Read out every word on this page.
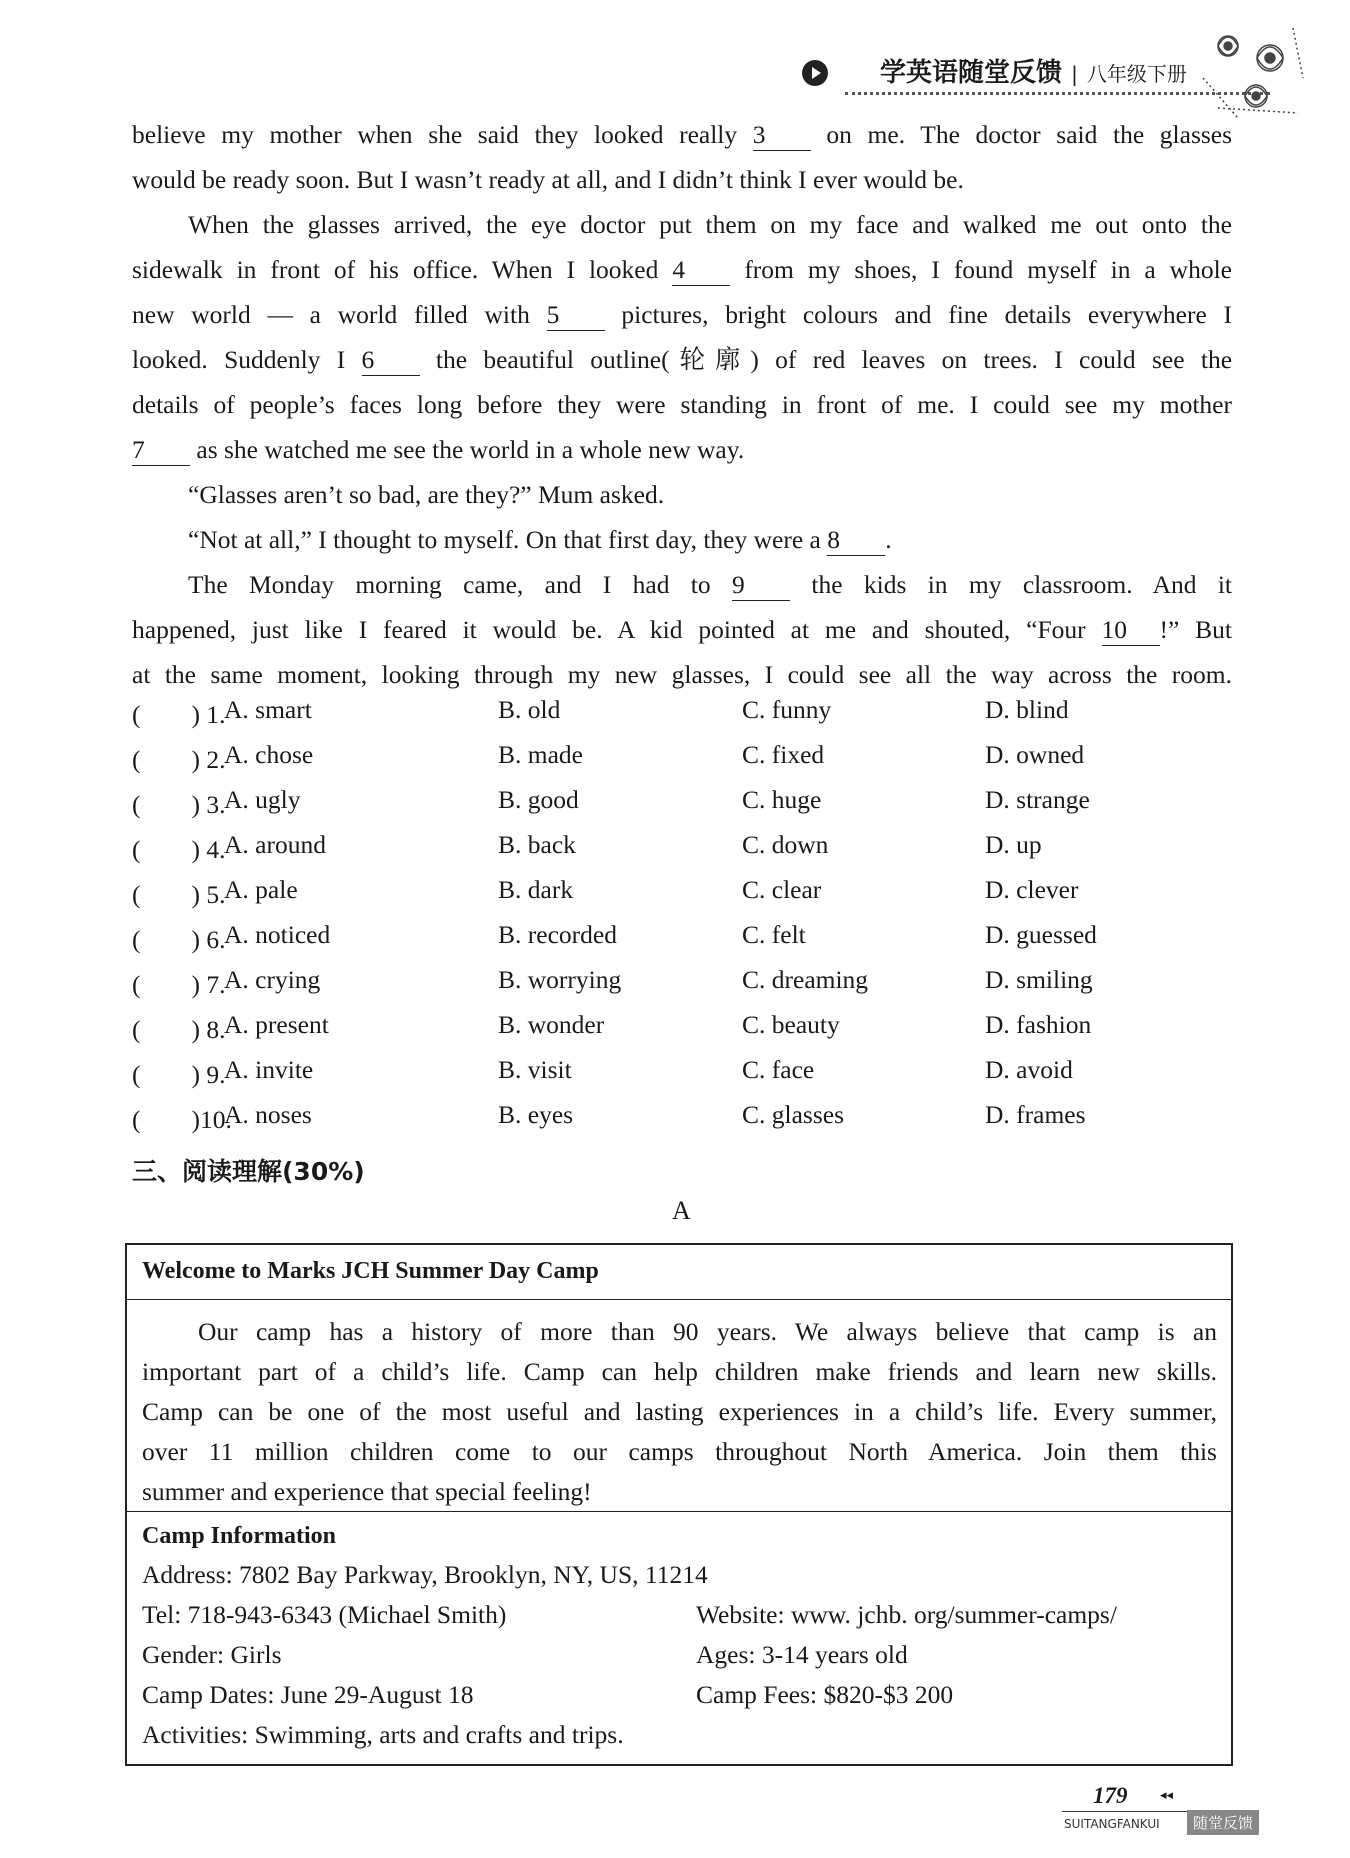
学英语随堂反馈 | 八年级下册
believe my mother when she said they looked really 3 on me. The doctor said the glasses
would be ready soon. But I wasn’t ready at all, and I didn’t think I ever would be.
When the glasses arrived, the eye doctor put them on my face and walked me out onto the
sidewalk in front of his office. When I looked 4 from my shoes, I found myself in a whole
new world — a world filled with 5 pictures, bright colours and fine details everywhere I
looked. Suddenly I 6 the beautiful outline(轮廓) of red leaves on trees. I could see the
details of people’s faces long before they were standing in front of me. I could see my mother
7 as she watched me see the world in a whole new way.
“Glasses aren’t so bad, are they?” Mum asked.
“Not at all,” I thought to myself. On that first day, they were a 8 .
The Monday morning came, and I had to 9	the kids in my classroom. And it
happened, just like I feared it would be. A kid pointed at me and shouted, “Four 10 !” But
at the same moment, looking through my new glasses, I could see all the way across the room.
(　　) 1.
A. smart	B. old	C. funny	D. blind
(　　) 2.
A. chose	B. made	C. fixed	D. owned
(　　) 3.
A. ugly	B. good	C. huge	D. strange
(　　) 4.
A. around	B. back	C. down	D. up
(　　) 5.
A. pale	B. dark	C. clear	D. clever
(　　) 6.
A. noticed	B. recorded	C. felt	D. guessed
(　　) 7.
A. crying	B. worrying	C. dreaming	D. smiling
(　　) 8.
A. present	B. wonder	C. beauty	D. fashion
(　　) 9.
A. invite	B. visit	C. face	D. avoid
(　　)10.
A. noses	B. eyes	C. glasses	D. frames
三、阅读理解(30%)
A
Welcome to Marks JCH Summer Day Camp
Our camp has a history of more than 90 years. We always believe that camp is an
important part of a child’s life. Camp can help children make friends and learn new skills.
Camp can be one of the most useful and lasting experiences in a child’s life. Every summer,
over 11 million children come to our camps throughout North America. Join them this
summer and experience that special feeling!
Camp Information
Address: 7802 Bay Parkway, Brooklyn, NY, US, 11214
Tel: 718-943-6343 (Michael Smith)	Website: www. jchb. org/summer-camps/
Gender: Girls	Ages: 3-14 years old
Camp Dates: June 29-August 18	Camp Fees: $820-$3 200
Activities: Swimming, arts and crafts and trips.
179	◂◂
SUITANGFANKUI	随堂反馈
